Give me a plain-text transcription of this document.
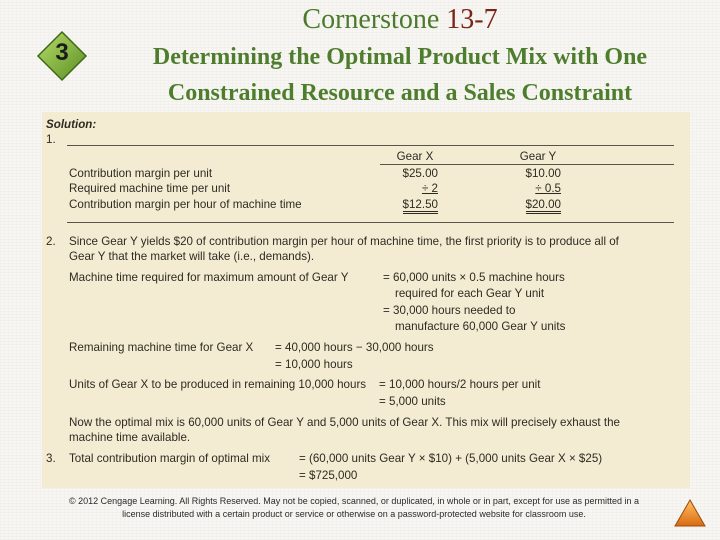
3
Cornerstone 13-7
Determining the Optimal Product Mix with One
Constrained Resource and a Sales Constraint
Solution:
1.
Gear X	Gear Y
Contribution margin per unit	$25.00	$10.00
Required machine time per unit	÷ 2	÷ 0.5
Contribution margin per hour of machine time	$12.50	$20.00
2. Since Gear Y yields $20 of contribution margin per hour of machine time, the first priority is to produce all of
Gear Y that the market will take (i.e., demands).
Machine time required for maximum amount of Gear Y	= 60,000 units × 0.5 machine hours
required for each Gear Y unit
= 30,000 hours needed to
manufacture 60,000 Gear Y units
Remaining machine time for Gear X = 40,000 hours − 30,000 hours
= 10,000 hours
Units of Gear X to be produced in remaining 10,000 hours = 10,000 hours/2 hours per unit
= 5,000 units
Now the optimal mix is 60,000 units of Gear Y and 5,000 units of Gear X. This mix will precisely exhaust the
machine time available.
3. Total contribution margin of optimal mix = (60,000 units Gear Y × $10) + (5,000 units Gear X × $25)
= $725,000
© 2012 Cengage Learning. All Rights Reserved. May not be copied, scanned, or duplicated, in whole or in part, except for use as permitted in a
license distributed with a certain product or service or otherwise on a password-protected website for classroom use.
